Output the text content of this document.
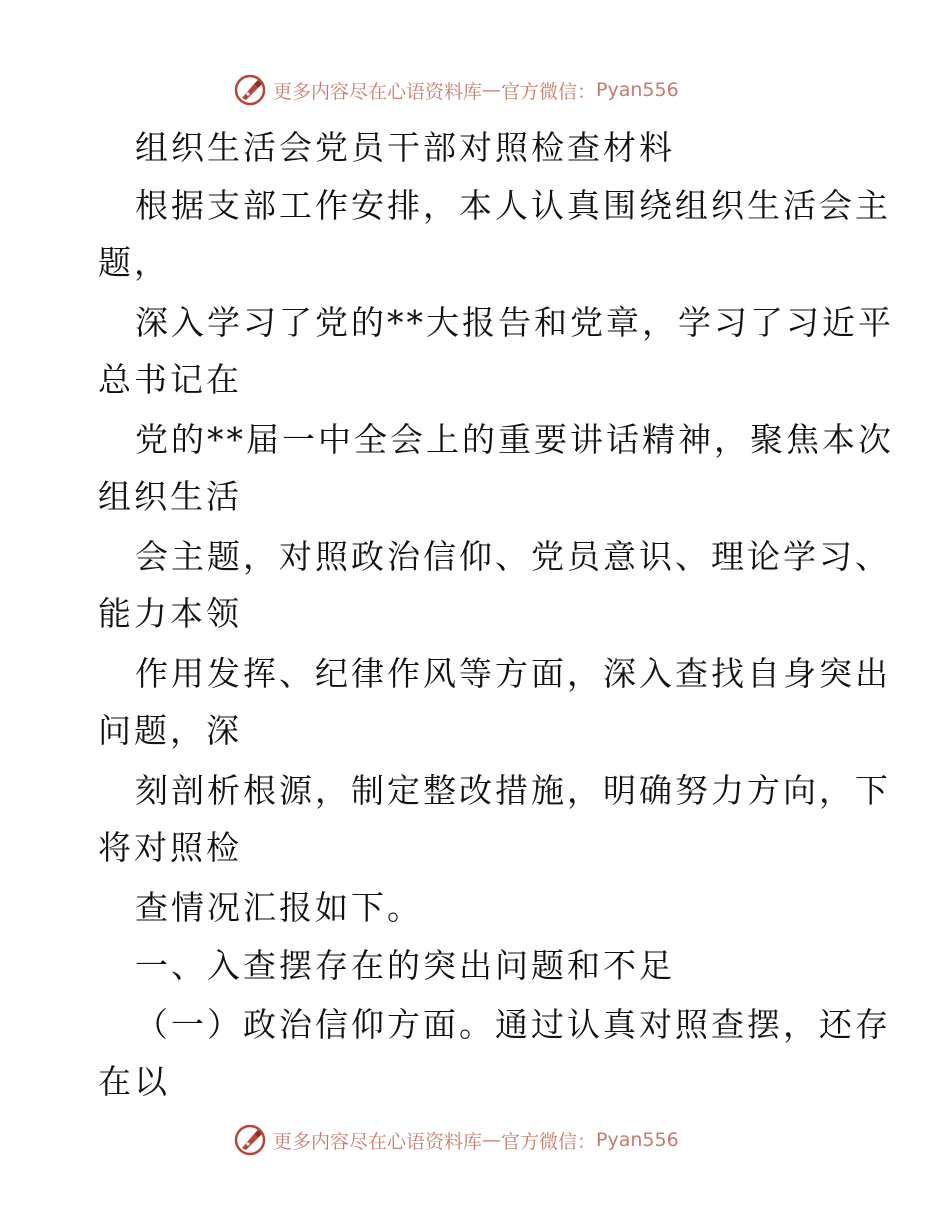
更多内容尽在心语资料库 — 官方微信： Pyan556
组织生活会党员干部对照检查材料
根据支部工作安排，本人认真围绕组织生活会主
题，
深入学习了党的**大报告和党章，学习了习近平
总书记在
党的**届一中全会上的重要讲话精神，聚焦本次
组织生活
会主题，对照政治信仰、党员意识、理论学习、
能力本领
作用发挥、纪律作风等方面，深入查找自身突出
问题，深
刻剖析根源，制定整改措施，明确努力方向，下
将对照检
查情况汇报如下。
一、入查摆存在的突出问题和不足
（一）政治信仰方面。通过认真对照查摆，还存
在以
更多内容尽在心语资料库 — 官方微信： Pyan556
